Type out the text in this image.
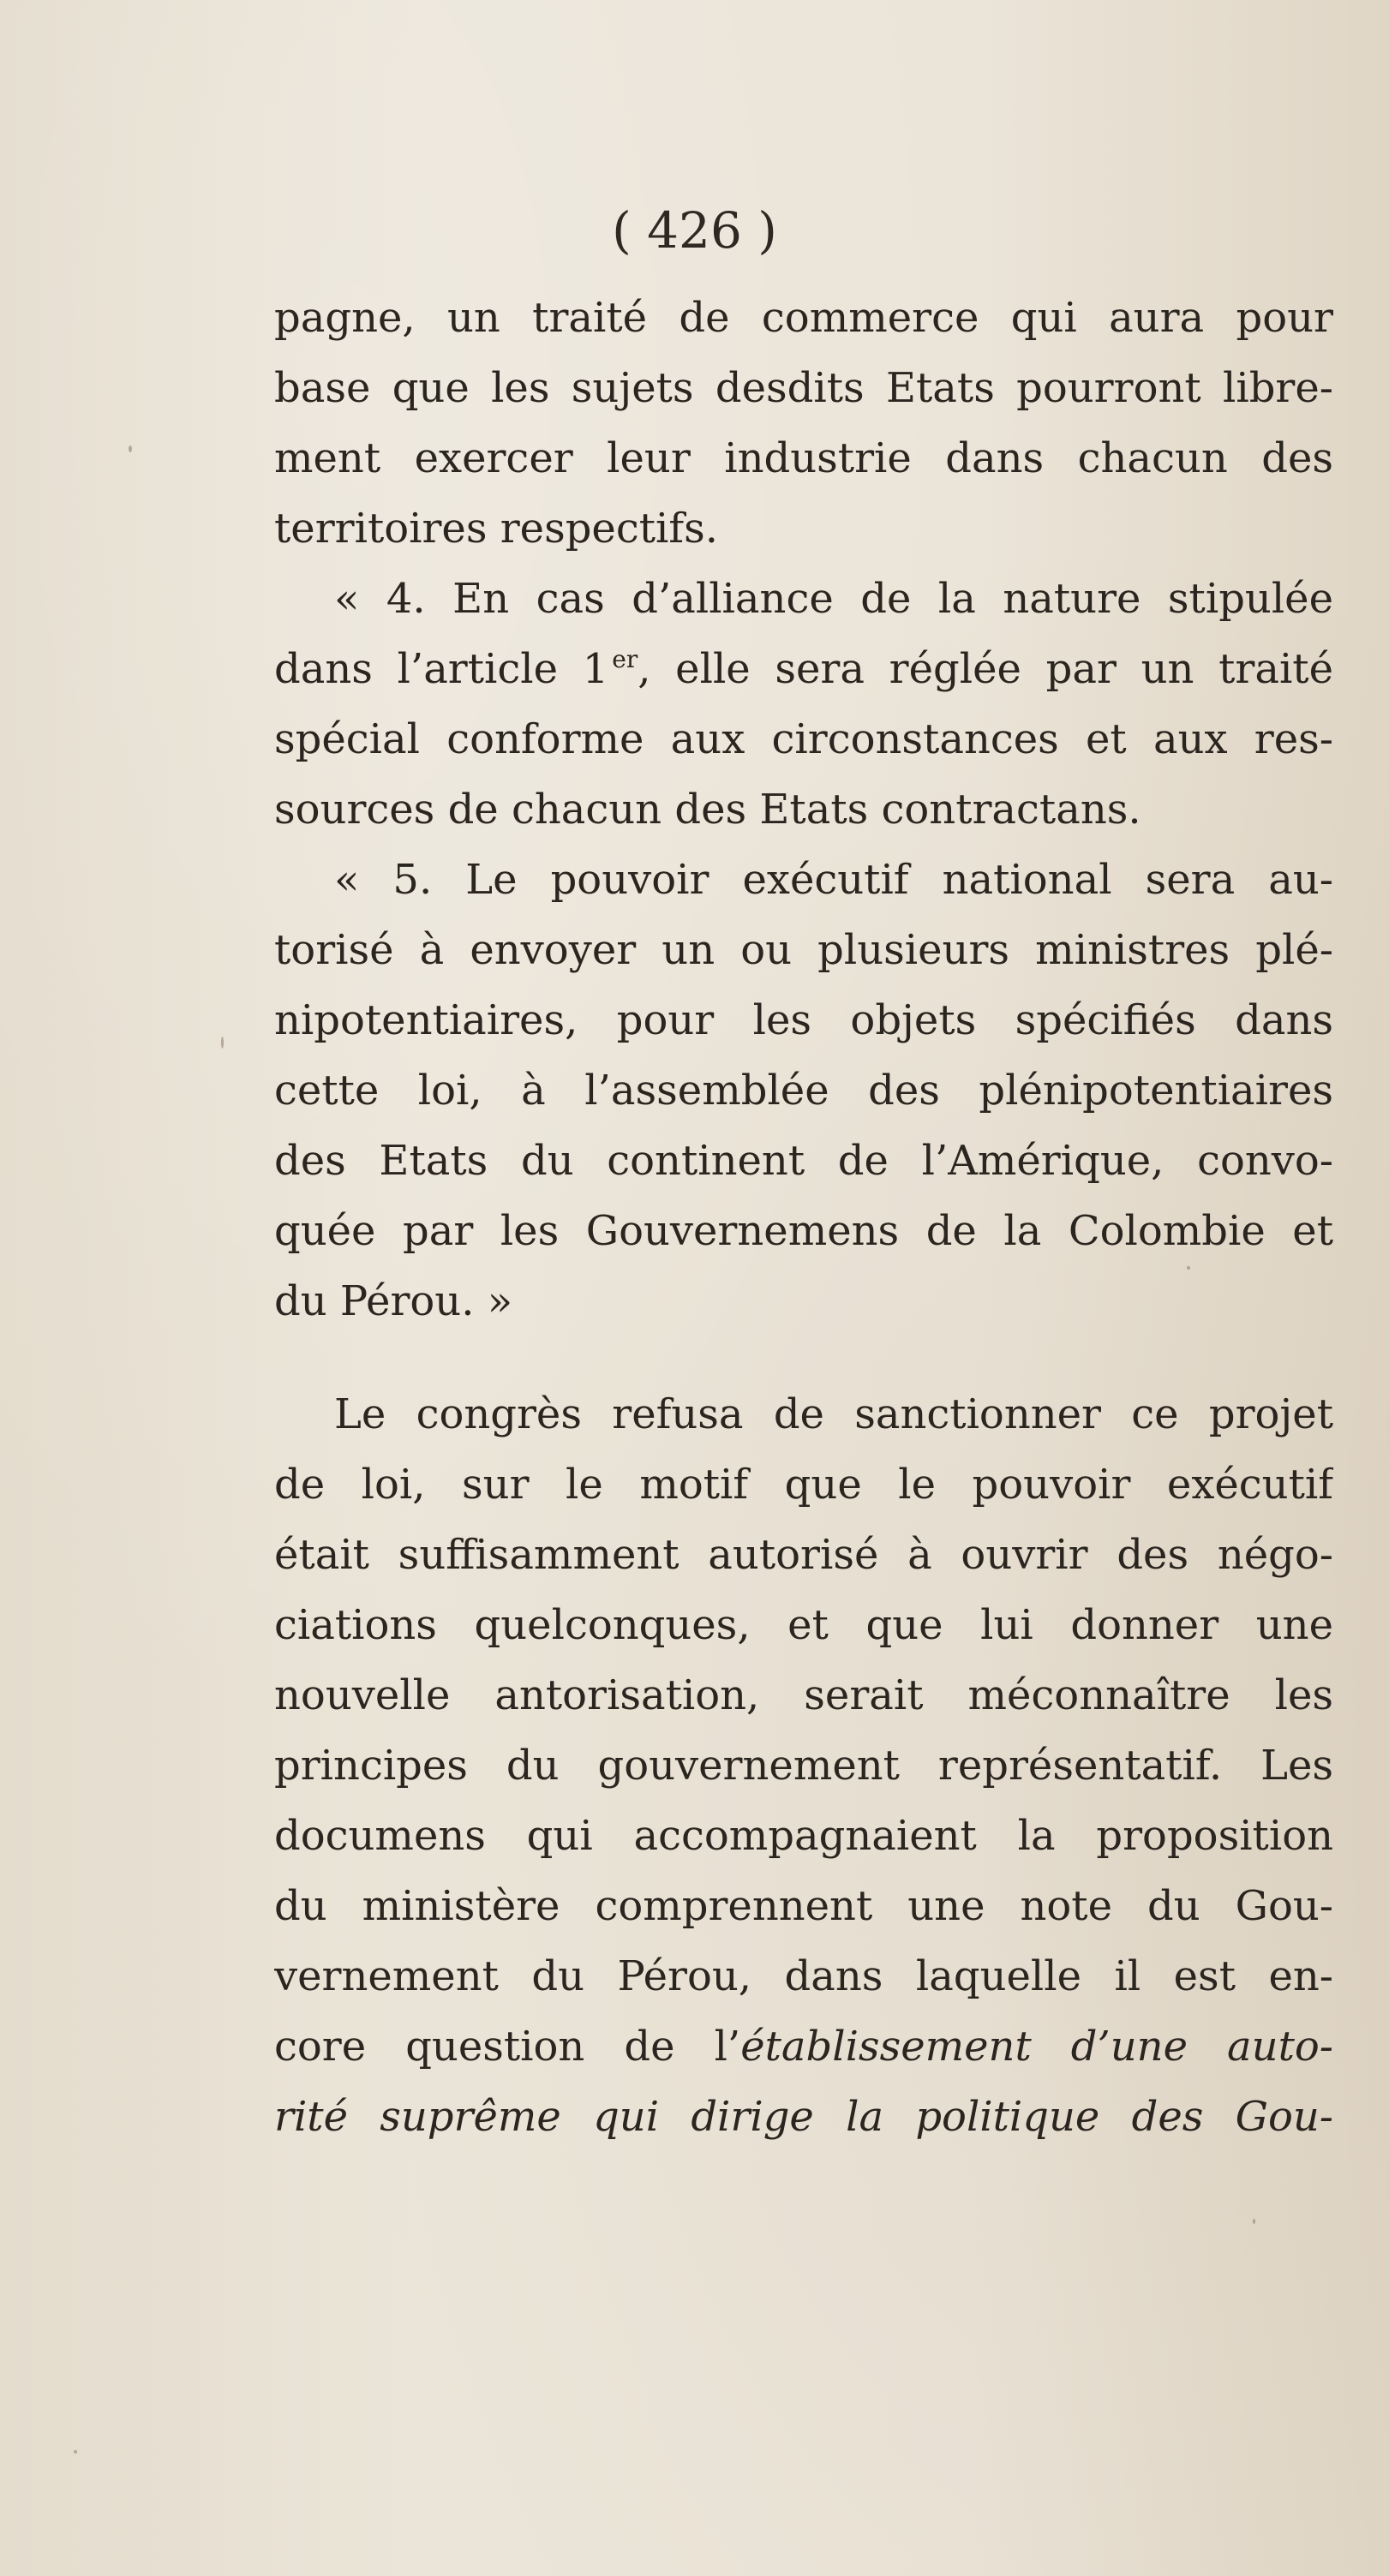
( 426 )
pagne, un traité de commerce qui aura pour
base que les sujets desdits Etats pourront libre-
ment exercer leur industrie dans chacun des
territoires respectifs.
« 4. En cas d’alliance de la nature stipulée
dans l’article 1 $^{er}$, elle sera réglée par un traité
spécial conforme aux circonstances et aux res-
sources de chacun des Etats contractans.
« 5. Le pouvoir exécutif national sera au-
torisé à envoyer un ou plusieurs ministres plé-
nipotentiaires, pour les objets spécifiés dans
cette loi, à l’assemblée des plénipotentiaires
des Etats du continent de l’Amérique, convo-
quée par les Gouvernemens de la Colombie et
du Pérou. »
Le congrès refusa de sanctionner ce projet
de loi, sur le motif que le pouvoir exécutif
était suffisamment autorisé à ouvrir des négo-
ciations quelconques, et que lui donner une
nouvelle antorisation, serait méconnaître les
principes du gouvernement représentatif. Les
documens qui accompagnaient la proposition
du ministère comprennent une note du Gou-
vernement du Pérou, dans laquelle il est en-
core question de l’établissement d’une auto-
rité suprême qui dirige la politique des Gou-
